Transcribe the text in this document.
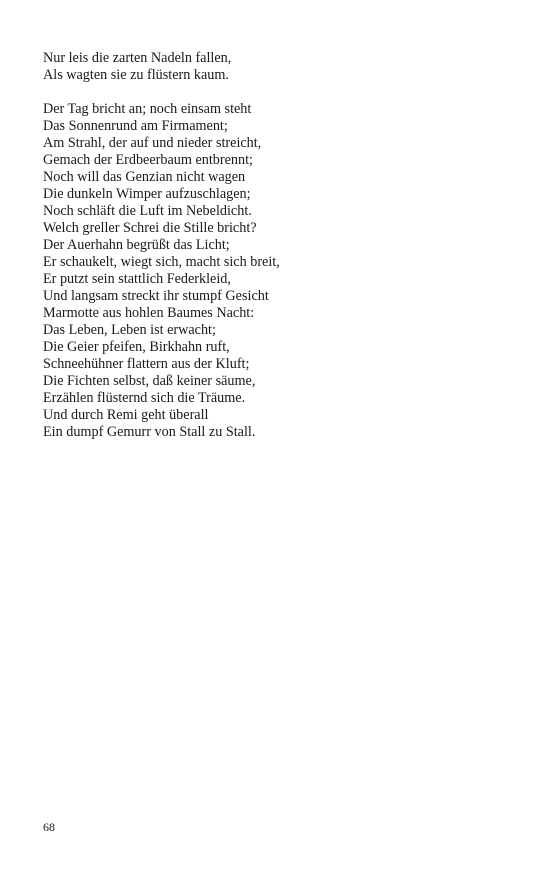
Nur leis die zarten Nadeln fallen,
Als wagten sie zu flüstern kaum.
Der Tag bricht an; noch einsam steht
Das Sonnenrund am Firmament;
Am Strahl, der auf und nieder streicht,
Gemach der Erdbeerbaum entbrennt;
Noch will das Genzian nicht wagen
Die dunkeln Wimper aufzuschlagen;
Noch schläft die Luft im Nebeldicht.
Welch greller Schrei die Stille bricht?
Der Auerhahn begrüßt das Licht;
Er schaukelt, wiegt sich, macht sich breit,
Er putzt sein stattlich Federkleid,
Und langsam streckt ihr stumpf Gesicht
Marmotte aus hohlen Baumes Nacht:
Das Leben, Leben ist erwacht;
Die Geier pfeifen, Birkhahn ruft,
Schneehühner flattern aus der Kluft;
Die Fichten selbst, daß keiner säume,
Erzählen flüsternd sich die Träume.
Und durch Remi geht überall
Ein dumpf Gemurr von Stall zu Stall.
68
